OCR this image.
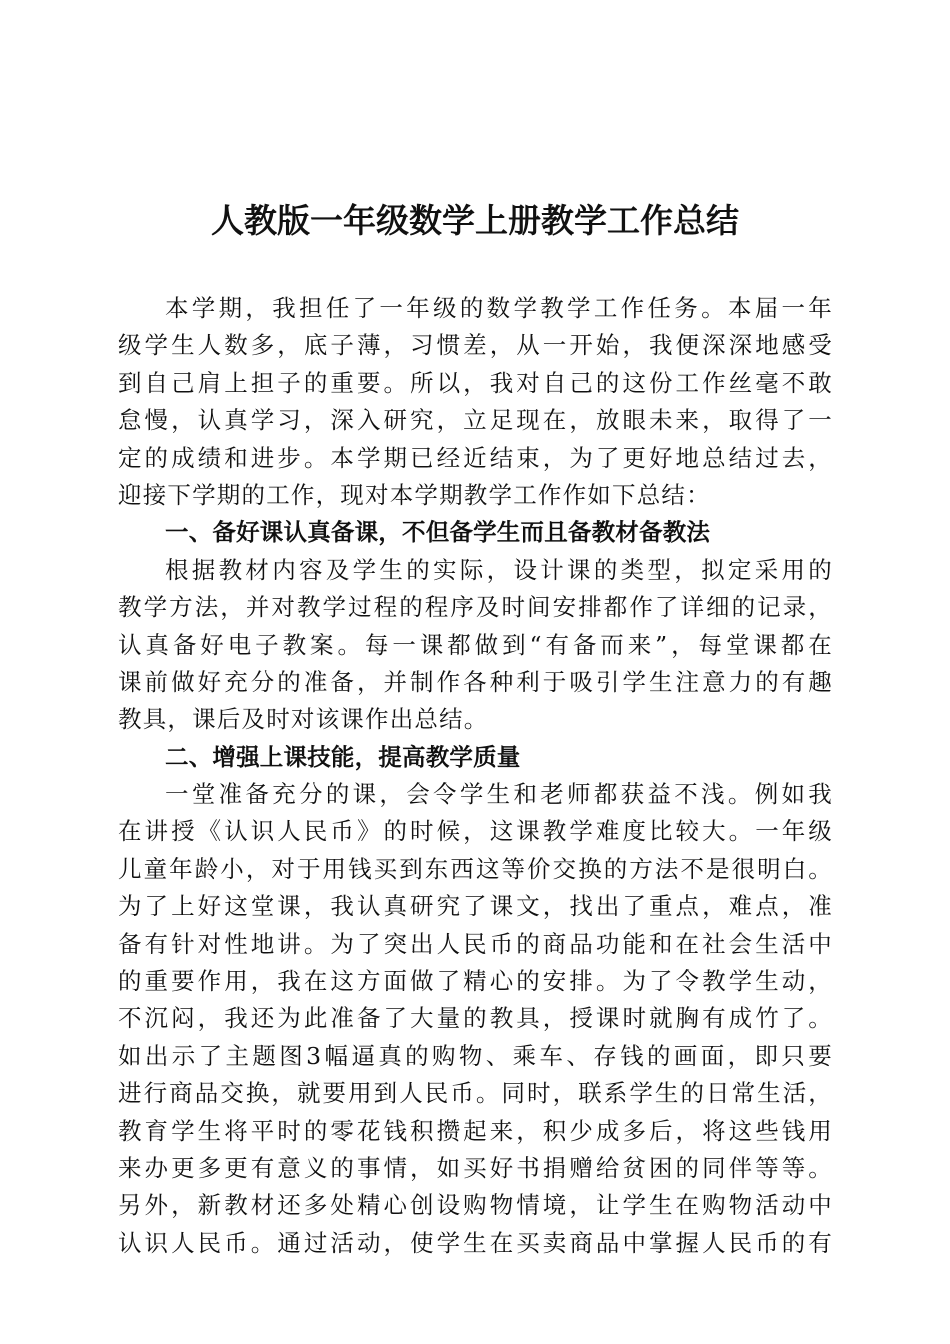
人教版一年级数学上册教学工作总结
本学期，我担任了一年级的数学教学工作任务。本届一年
级学生人数多，底子薄，习惯差，从一开始，我便深深地感受
到自己肩上担子的重要。所以，我对自己的这份工作丝毫不敢
怠慢，认真学习，深入研究，立足现在，放眼未来，取得了一
定的成绩和进步。本学期已经近结束，为了更好地总结过去，
迎接下学期的工作，现对本学期教学工作作如下总结：
一、备好课认真备课，不但备学生而且备教材备教法
根据教材内容及学生的实际，设计课的类型，拟定采用的
教学方法，并对教学过程的程序及时间安排都作了详细的记录，
认真备好电子教案。每一课都做到“有备而来”，每堂课都在
课前做好充分的准备，并制作各种利于吸引学生注意力的有趣
教具，课后及时对该课作出总结。
二、增强上课技能，提高教学质量
一堂准备充分的课，会令学生和老师都获益不浅。例如我
在讲授《认识人民币》的时候，这课教学难度比较大。一年级
儿童年龄小，对于用钱买到东西这等价交换的方法不是很明白。
为了上好这堂课，我认真研究了课文，找出了重点，难点，准
备有针对性地讲。为了突出人民币的商品功能和在社会生活中
的重要作用，我在这方面做了精心的安排。为了令教学生动，
不沉闷，我还为此准备了大量的教具，授课时就胸有成竹了。
如出示了主题图3幅逼真的购物、乘车、存钱的画面，即只要
进行商品交换，就要用到人民币。同时，联系学生的日常生活，
教育学生将平时的零花钱积攒起来，积少成多后，将这些钱用
来办更多更有意义的事情，如买好书捐赠给贫困的同伴等等。
另外，新教材还多处精心创设购物情境，让学生在购物活动中
认识人民币。通过活动，使学生在买卖商品中掌握人民币的有
